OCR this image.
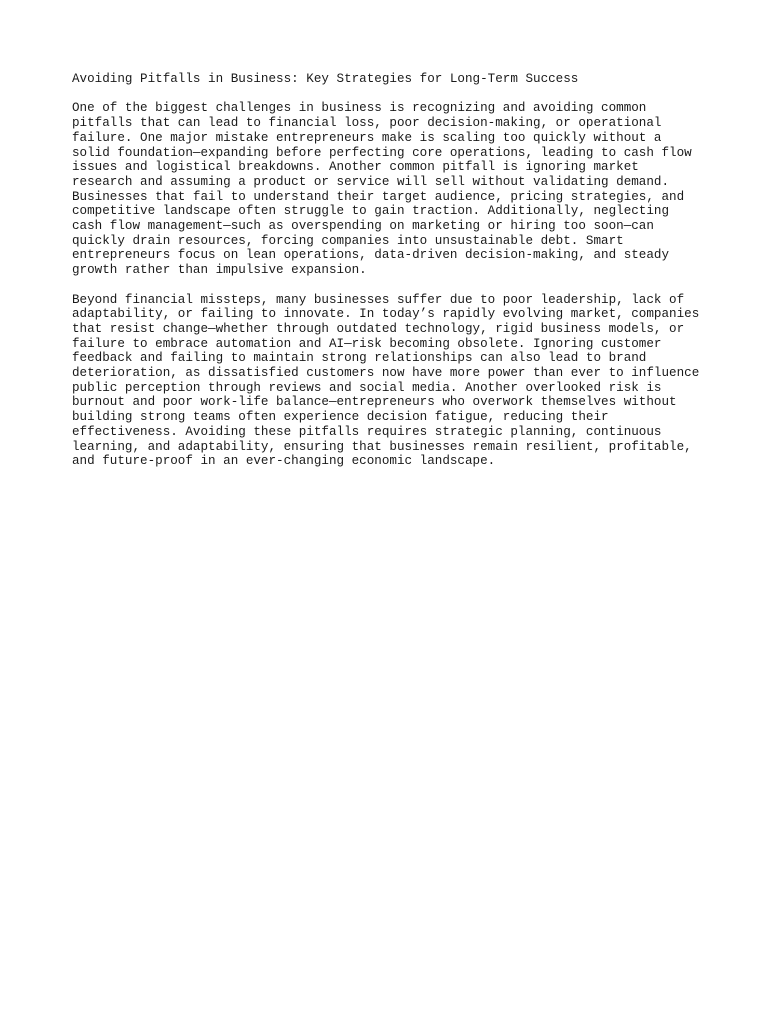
Avoiding Pitfalls in Business: Key Strategies for Long-Term Success

One of the biggest challenges in business is recognizing and avoiding common
pitfalls that can lead to financial loss, poor decision-making, or operational
failure. One major mistake entrepreneurs make is scaling too quickly without a
solid foundation—expanding before perfecting core operations, leading to cash flow
issues and logistical breakdowns. Another common pitfall is ignoring market
research and assuming a product or service will sell without validating demand.
Businesses that fail to understand their target audience, pricing strategies, and
competitive landscape often struggle to gain traction. Additionally, neglecting
cash flow management—such as overspending on marketing or hiring too soon—can
quickly drain resources, forcing companies into unsustainable debt. Smart
entrepreneurs focus on lean operations, data-driven decision-making, and steady
growth rather than impulsive expansion.

Beyond financial missteps, many businesses suffer due to poor leadership, lack of
adaptability, or failing to innovate. In today’s rapidly evolving market, companies
that resist change—whether through outdated technology, rigid business models, or
failure to embrace automation and AI—risk becoming obsolete. Ignoring customer
feedback and failing to maintain strong relationships can also lead to brand
deterioration, as dissatisfied customers now have more power than ever to influence
public perception through reviews and social media. Another overlooked risk is
burnout and poor work-life balance—entrepreneurs who overwork themselves without
building strong teams often experience decision fatigue, reducing their
effectiveness. Avoiding these pitfalls requires strategic planning, continuous
learning, and adaptability, ensuring that businesses remain resilient, profitable,
and future-proof in an ever-changing economic landscape.
